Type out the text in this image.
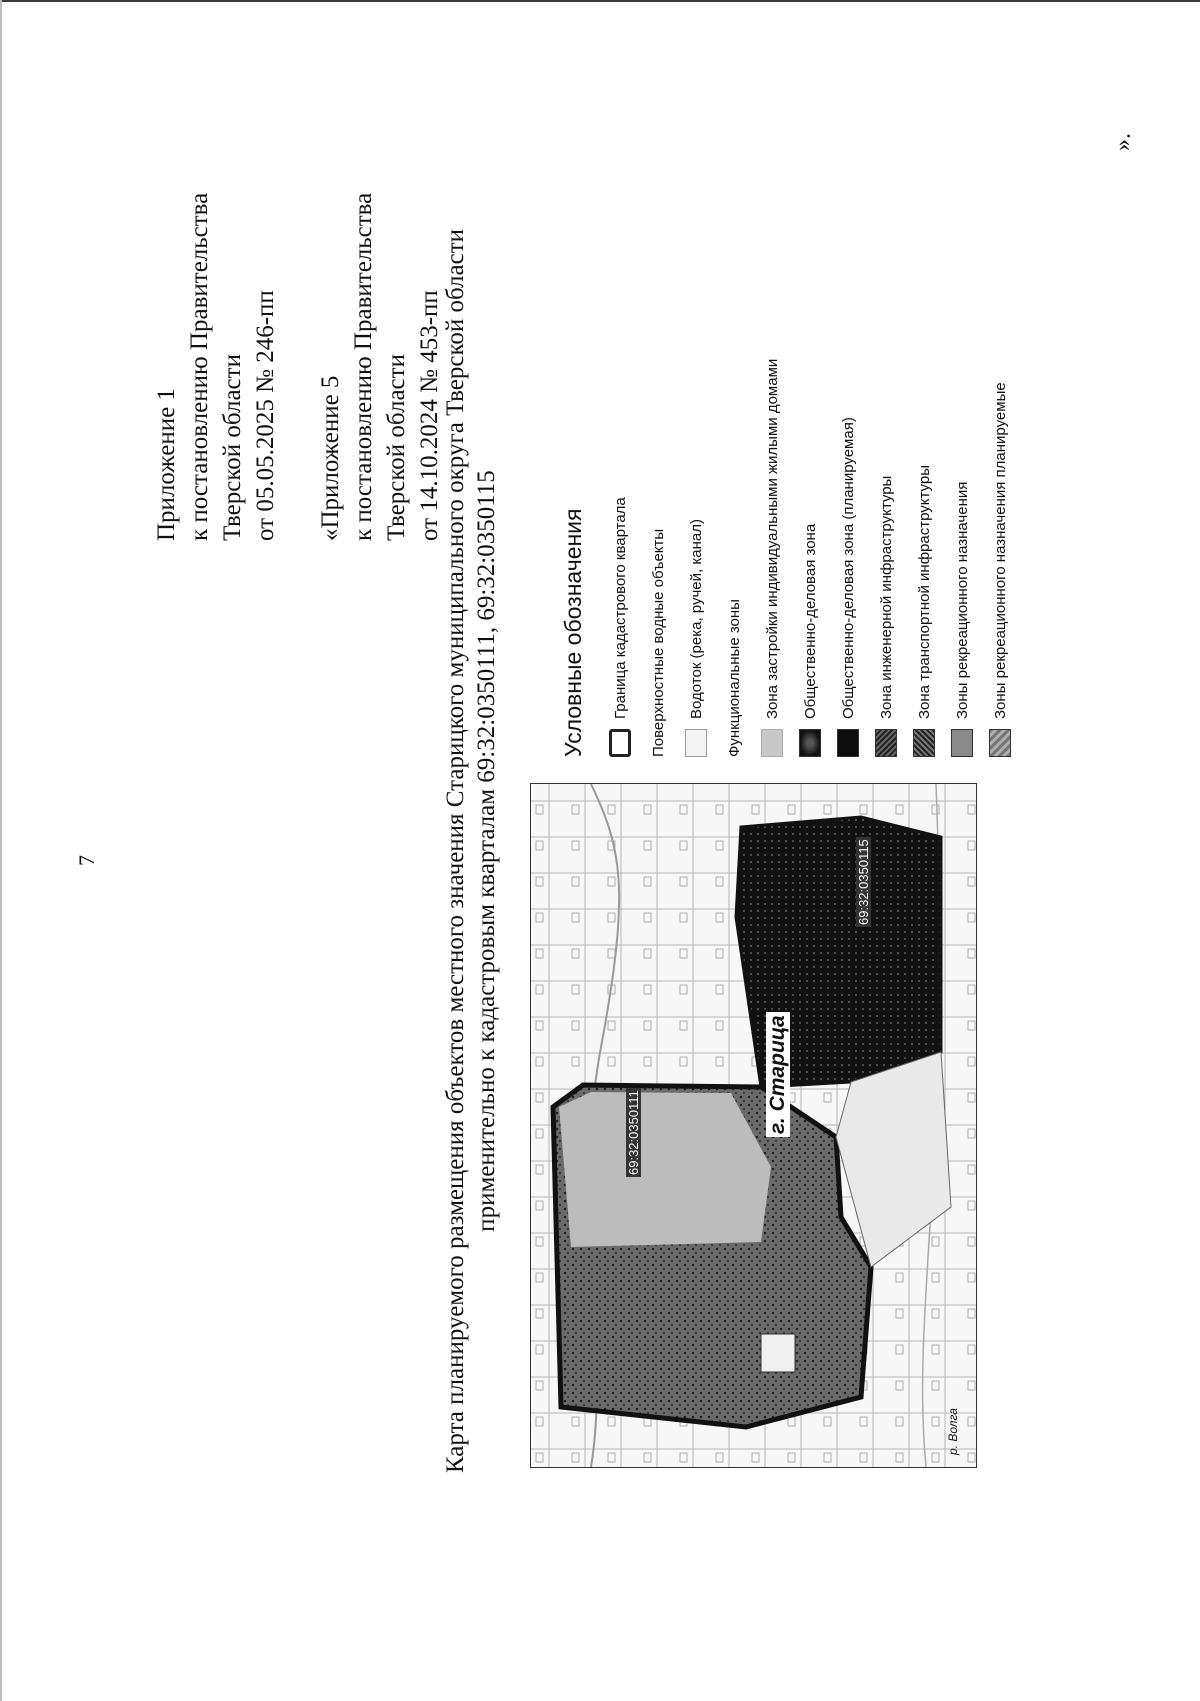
7

Приложение 1 к постановлению Правительства Тверской области от 05.05.2025 № 246-пп «Приложение 5 к постановлению Правительства Тверской области от 14.10.2024 № 453-пп Карта планируемого размещения объектов местного значения Старицкого муниципального округа Тверской области применительно к кадастровым кварталам 69:32:0350111, 69:32:0350115	г. Старица
р. Волга
69:32:0350111
69:32:0350115

Условные обозначения Граница кадастрового квартала Поверхностные водные объекты Водоток (река, ручей, канал) Функциональные зоны Зона застройки индивидуальными жилыми домами Общественно-деловая зона Общественно-деловая зона (планируемая) Зона инженерной инфраструктуры Зона транспортной инфраструктуры Зоны рекреационного назначения Зоны рекреационного назначения планируемые

».
